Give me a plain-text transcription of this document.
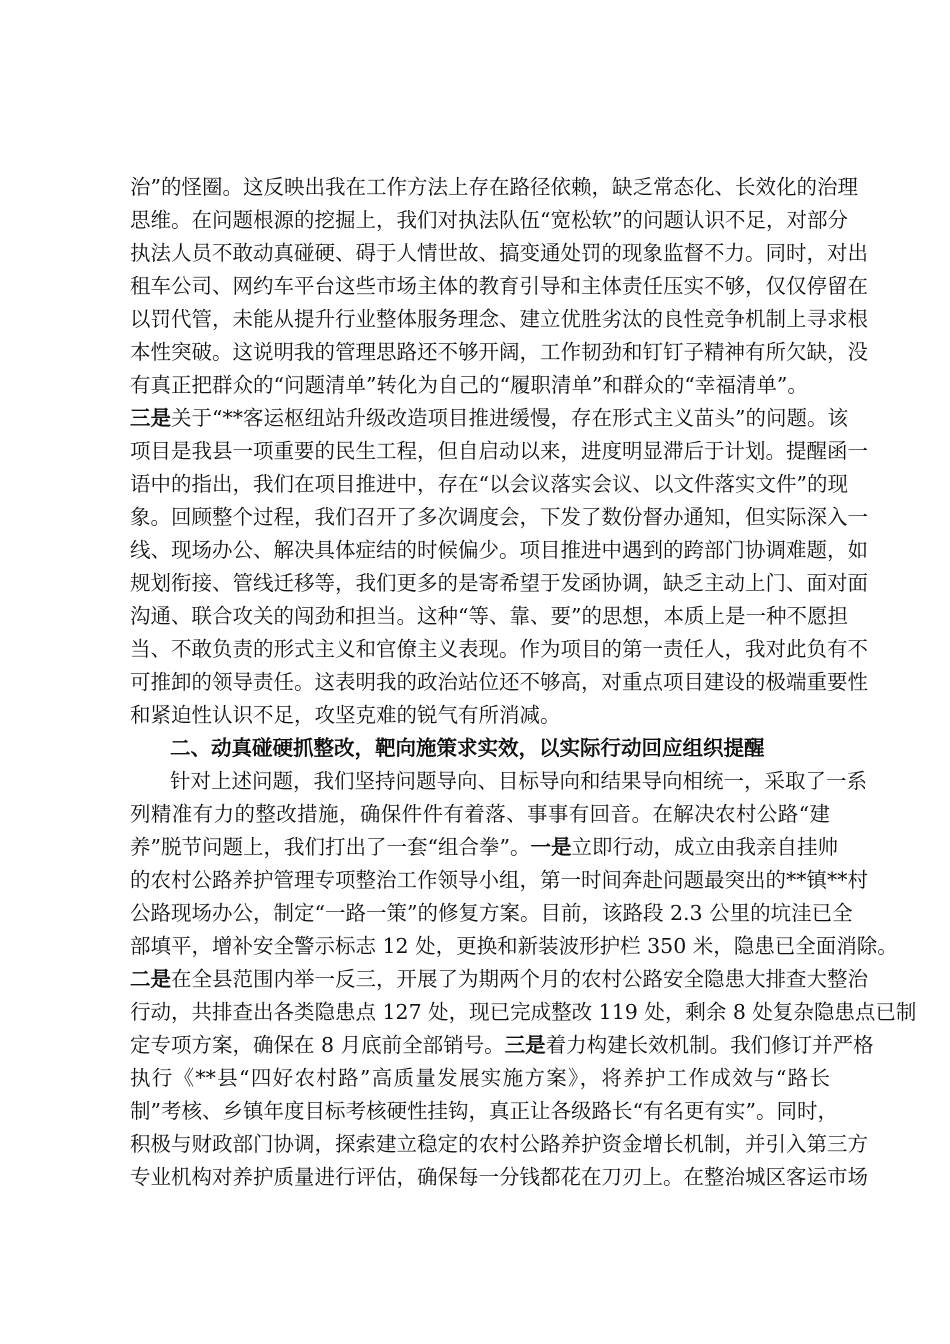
治”的怪圈。这反映出我在工作方法上存在路径依赖，缺乏常态化、长效化的治理
思维。在问题根源的挖掘上，我们对执法队伍“宽松软”的问题认识不足，对部分
执法人员不敢动真碰硬、碍于人情世故、搞变通处罚的现象监督不力。同时，对出
租车公司、网约车平台这些市场主体的教育引导和主体责任压实不够，仅仅停留在
以罚代管，未能从提升行业整体服务理念、建立优胜劣汰的良性竞争机制上寻求根
本性突破。这说明我的管理思路还不够开阔，工作韧劲和钉钉子精神有所欠缺，没
有真正把群众的“问题清单”转化为自己的“履职清单”和群众的“幸福清单”。
三是关于“**客运枢纽站升级改造项目推进缓慢，存在形式主义苗头”的问题。该
项目是我县一项重要的民生工程，但自启动以来，进度明显滞后于计划。提醒函一
语中的指出，我们在项目推进中，存在“以会议落实会议、以文件落实文件”的现
象。回顾整个过程，我们召开了多次调度会，下发了数份督办通知，但实际深入一
线、现场办公、解决具体症结的时候偏少。项目推进中遇到的跨部门协调难题，如
规划衔接、管线迁移等，我们更多的是寄希望于发函协调，缺乏主动上门、面对面
沟通、联合攻关的闯劲和担当。这种“等、靠、要”的思想，本质上是一种不愿担
当、不敢负责的形式主义和官僚主义表现。作为项目的第一责任人，我对此负有不
可推卸的领导责任。这表明我的政治站位还不够高，对重点项目建设的极端重要性
和紧迫性认识不足，攻坚克难的锐气有所消减。
二、动真碰硬抓整改，靶向施策求实效，以实际行动回应组织提醒
针对上述问题，我们坚持问题导向、目标导向和结果导向相统一，采取了一系
列精准有力的整改措施，确保件件有着落、事事有回音。在解决农村公路“建
养”脱节问题上，我们打出了一套“组合拳”。一是立即行动，成立由我亲自挂帅
的农村公路养护管理专项整治工作领导小组，第一时间奔赴问题最突出的**镇**村
公路现场办公，制定“一路一策”的修复方案。目前，该路段 2.3 公里的坑洼已全
部填平，增补安全警示标志 12 处，更换和新装波形护栏 350 米，隐患已全面消除。
二是在全县范围内举一反三，开展了为期两个月的农村公路安全隐患大排查大整治
行动，共排查出各类隐患点 127 处，现已完成整改 119 处，剩余 8 处复杂隐患点已制
定专项方案，确保在 8 月底前全部销号。三是着力构建长效机制。我们修订并严格
执行《**县“四好农村路”高质量发展实施方案》，将养护工作成效与“路长
制”考核、乡镇年度目标考核硬性挂钩，真正让各级路长“有名更有实”。同时，
积极与财政部门协调，探索建立稳定的农村公路养护资金增长机制，并引入第三方
专业机构对养护质量进行评估，确保每一分钱都花在刀刃上。在整治城区客运市场
